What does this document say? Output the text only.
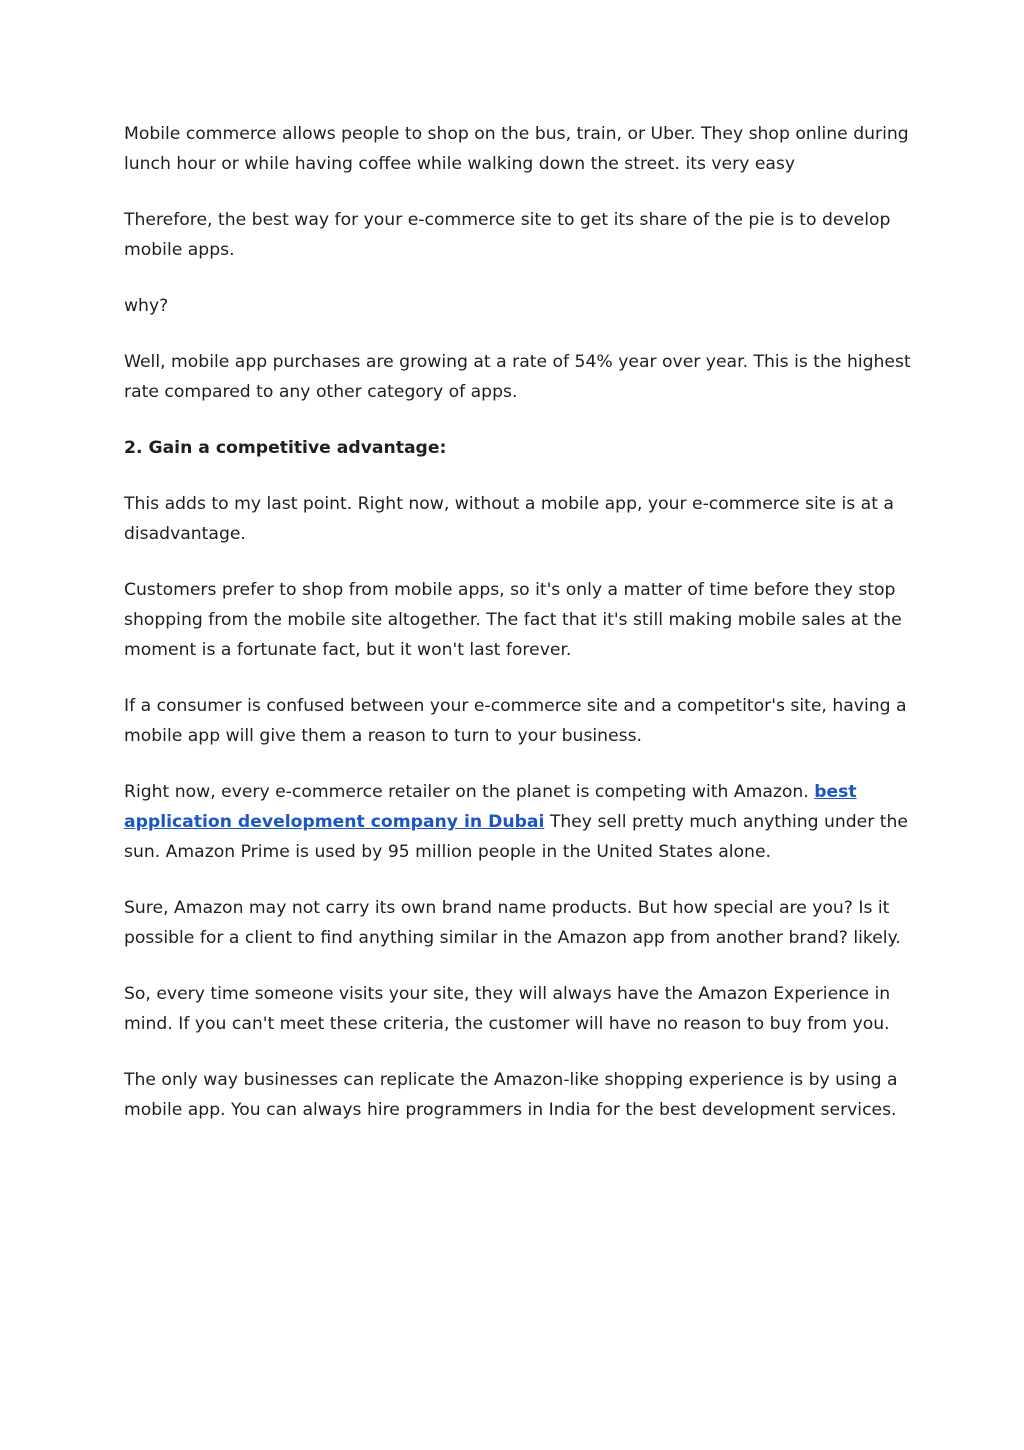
Mobile commerce allows people to shop on the bus, train, or Uber. They shop online during lunch hour or while having coffee while walking down the street. its very easy

Therefore, the best way for your e-commerce site to get its share of the pie is to develop mobile apps.

why?

Well, mobile app purchases are growing at a rate of 54% year over year. This is the highest rate compared to any other category of apps.

2. Gain a competitive advantage:

This adds to my last point. Right now, without a mobile app, your e-commerce site is at a disadvantage.

Customers prefer to shop from mobile apps, so it's only a matter of time before they stop shopping from the mobile site altogether. The fact that it's still making mobile sales at the moment is a fortunate fact, but it won't last forever.

If a consumer is confused between your e-commerce site and a competitor's site, having a mobile app will give them a reason to turn to your business.

Right now, every e-commerce retailer on the planet is competing with Amazon. best application development company in Dubai They sell pretty much anything under the sun. Amazon Prime is used by 95 million people in the United States alone.

Sure, Amazon may not carry its own brand name products. But how special are you? Is it possible for a client to find anything similar in the Amazon app from another brand? likely.

So, every time someone visits your site, they will always have the Amazon Experience in mind. If you can't meet these criteria, the customer will have no reason to buy from you.

The only way businesses can replicate the Amazon-like shopping experience is by using a mobile app. You can always hire programmers in India for the best development services.
